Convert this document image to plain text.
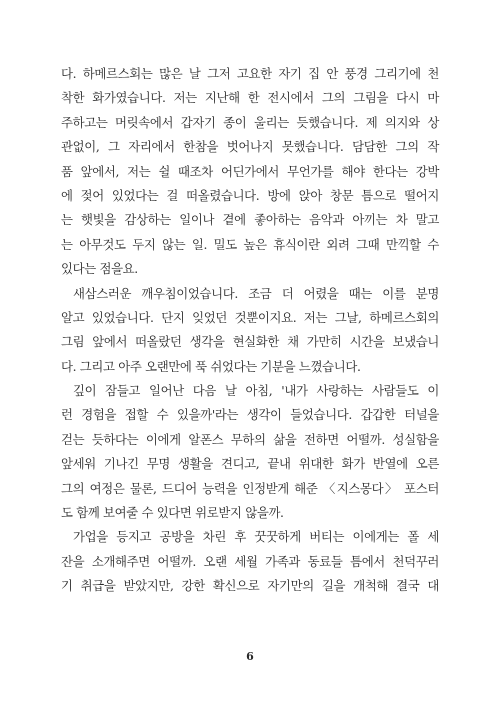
다. 하메르스회는 많은 날 그저 고요한 자기 집 안 풍경 그리기에 천
착한 화가였습니다. 저는 지난해 한 전시에서 그의 그림을 다시 마
주하고는 머릿속에서 갑자기 종이 울리는 듯했습니다. 제 의지와 상
관없이, 그 자리에서 한참을 벗어나지 못했습니다. 담담한 그의 작
품 앞에서, 저는 쉴 때조차 어딘가에서 무언가를 해야 한다는 강박
에 젖어 있었다는 걸 떠올렸습니다. 방에 앉아 창문 틈으로 떨어지
는 햇빛을 감상하는 일이나 곁에 좋아하는 음악과 아끼는 차 말고
는 아무것도 두지 않는 일. 밀도 높은 휴식이란 외려 그때 만끽할 수
있다는 점을요.
새삼스러운 깨우침이었습니다. 조금 더 어렸을 때는 이를 분명
알고 있었습니다. 단지 잊었던 것뿐이지요. 저는 그날, 하메르스회의
그림 앞에서 떠올랐던 생각을 현실화한 채 가만히 시간을 보냈습니
다. 그리고 아주 오랜만에 푹 쉬었다는 기분을 느꼈습니다.
깊이 잠들고 일어난 다음 날 아침, '내가 사랑하는 사람들도 이
런 경험을 접할 수 있을까'라는 생각이 들었습니다. 갑갑한 터널을
걷는 듯하다는 이에게 알폰스 무하의 삶을 전하면 어떨까. 성실함을
앞세워 기나긴 무명 생활을 견디고, 끝내 위대한 화가 반열에 오른
그의 여정은 물론, 드디어 능력을 인정받게 해준 〈지스몽다〉 포스터
도 함께 보여줄 수 있다면 위로받지 않을까.
가업을 등지고 공방을 차린 후 꿋꿋하게 버티는 이에게는 폴 세
잔을 소개해주면 어떨까. 오랜 세월 가족과 동료들 틈에서 천덕꾸러
기 취급을 받았지만, 강한 확신으로 자기만의 길을 개척해 결국 대
6
